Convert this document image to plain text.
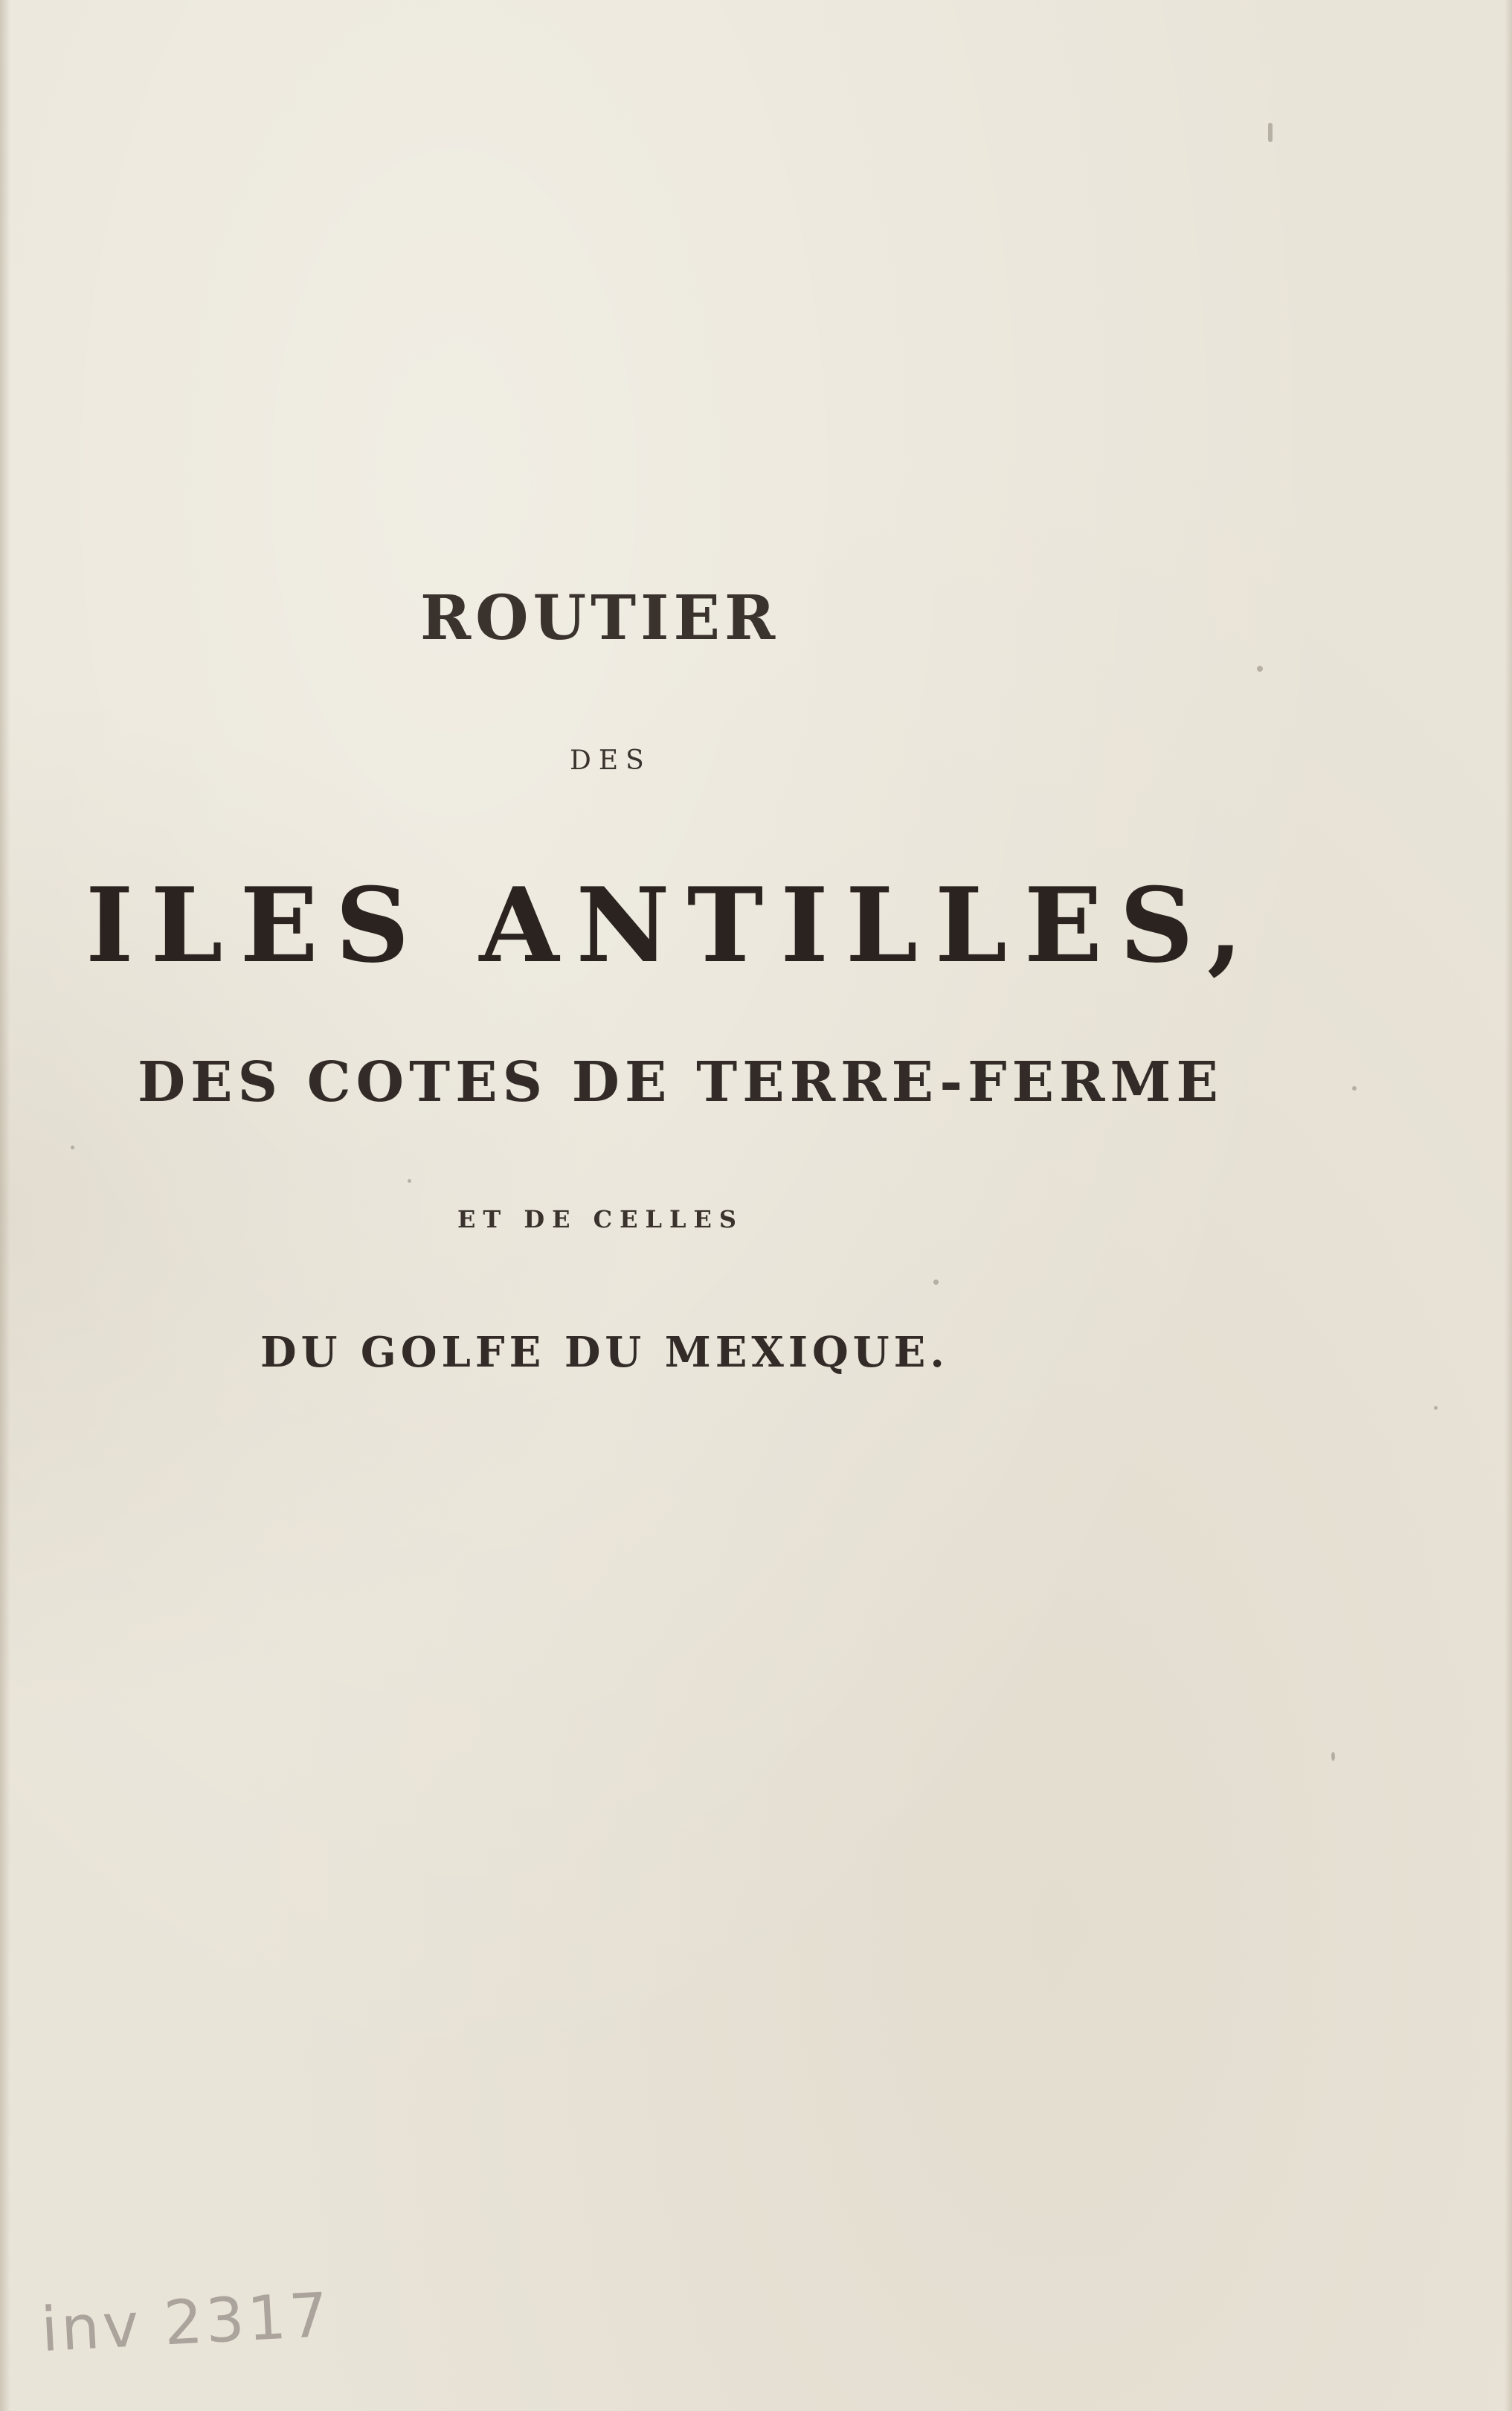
ROUTIER
DES
ILES ANTILLES,
DES COTES DE TERRE-FERME
ET DE CELLES
DU GOLFE DU MEXIQUE.
inv 2317
